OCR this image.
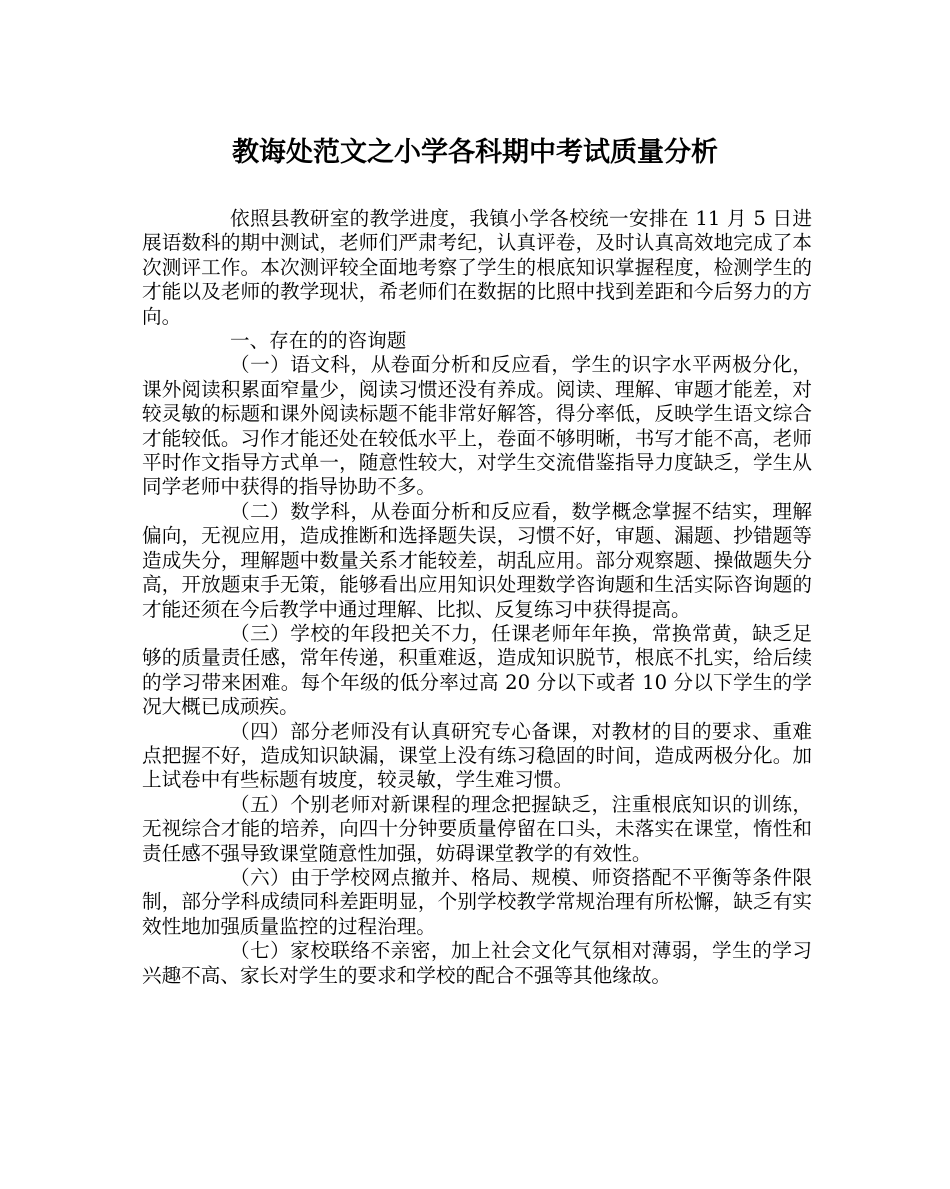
教诲处范文之小学各科期中考试质量分析

依照县教研室的教学进度，我镇小学各校统一安排在 11 月 5 日进展语数科的期中测试，老师们严肃考纪，认真评卷，及时认真高效地完成了本次测评工作。本次测评较全面地考察了学生的根底知识掌握程度，检测学生的才能以及老师的教学现状，希老师们在数据的比照中找到差距和今后努力的方向。

一、存在的的咨询题

（一）语文科，从卷面分析和反应看，学生的识字水平两极分化，课外阅读积累面窄量少，阅读习惯还没有养成。阅读、理解、审题才能差，对较灵敏的标题和课外阅读标题不能非常好解答，得分率低，反映学生语文综合才能较低。习作才能还处在较低水平上，卷面不够明晰，书写才能不高，老师平时作文指导方式单一，随意性较大，对学生交流借鉴指导力度缺乏，学生从同学老师中获得的指导协助不多。

（二）数学科，从卷面分析和反应看，数学概念掌握不结实，理解偏向，无视应用，造成推断和选择题失误，习惯不好，审题、漏题、抄错题等造成失分，理解题中数量关系才能较差，胡乱应用。部分观察题、操做题失分高，开放题束手无策，能够看出应用知识处理数学咨询题和生活实际咨询题的才能还须在今后教学中通过理解、比拟、反复练习中获得提高。

（三）学校的年段把关不力，任课老师年年换，常换常黄，缺乏足够的质量责任感，常年传递，积重难返，造成知识脱节，根底不扎实，给后续的学习带来困难。每个年级的低分率过高 20 分以下或者 10 分以下学生的学况大概已成顽疾。

（四）部分老师没有认真研究专心备课，对教材的目的要求、重难点把握不好，造成知识缺漏，课堂上没有练习稳固的时间，造成两极分化。加上试卷中有些标题有坡度，较灵敏，学生难习惯。

（五）个别老师对新课程的理念把握缺乏，注重根底知识的训练，无视综合才能的培养，向四十分钟要质量停留在口头，未落实在课堂，惰性和责任感不强导致课堂随意性加强，妨碍课堂教学的有效性。

（六）由于学校网点撤并、格局、规模、师资搭配不平衡等条件限制，部分学科成绩同科差距明显，个别学校教学常规治理有所松懈，缺乏有实效性地加强质量监控的过程治理。

（七）家校联络不亲密，加上社会文化气氛相对薄弱，学生的学习兴趣不高、家长对学生的要求和学校的配合不强等其他缘故。
